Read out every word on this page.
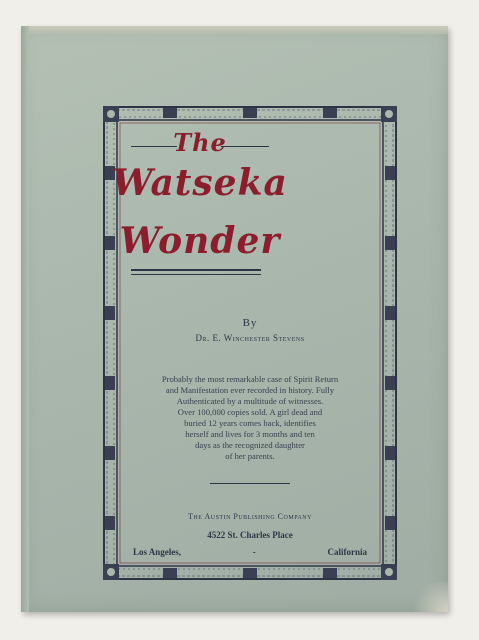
The
Watseka
Wonder
By
Dr. E. Winchester Stevens
Probably the most remarkable case of Spirit Return
and Manifestation ever recorded in history. Fully
Authenticated by a multitude of witnesses.
Over 100,000 copies sold. A girl dead and
buried 12 years comes back, identifies
herself and lives for 3 months and ten
days as the recognized daughter
of her parents.
The Austin Publishing Company
4522 St. Charles Place
Los Angeles,	-	California
